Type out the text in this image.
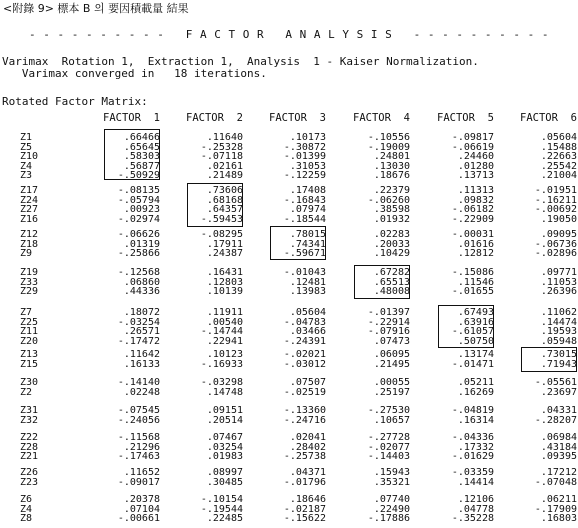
<附錄 9> 標本 B 의 要因積載量 結果
- - - - - - - - - -   F A C T O R   A N A L Y S I S   - - - - - - - - - -
Varimax  Rotation 1,  Extraction 1,  Analysis  1 - Kaiser Normalization.
Varimax converged in   18 iterations.
Rotated Factor Matrix:
FACTOR  1 FACTOR  2 FACTOR  3	FACTOR  4	FACTOR  5 FACTOR  6
Z1	.66466	.11640	.10173	-.10556	-.09817	.05604
Z5	.65645	-.25328	-.30872	-.19009	-.06619	.15488
Z10	.58303	-.07118	-.01399	.24801	.24460	.22663
Z4	.56877	.02161	.31053	.13030	.01280	.25542
Z3	-.50929	.21489	-.12259	.18676	.13713	.21004
Z17	-.08135	.73606	.17408	.22379	.11313	-.01951
Z24	-.05794	.68168	-.16843	-.06260	.09832	-.16211
Z27	.00923	.64357	.07974	.38598	-.06182	-.00692
Z16	-.02974	-.59453	-.18544	.01932	-.22909	.19050
Z12	-.06626	-.08295	.78015	.02283	-.00031	.09095
Z18	.01319	.17911	.74341	.20033	.01616	-.06736
Z9	-.25866	.24387	-.59671	.10429	.12812	-.02896
Z19	-.12568	.16431	-.01043	.67282	-.15086	.09771
Z33	.06860	.12803	.12481	.65513	.11546	.11053
Z29	.44336	.10139	.13983	.48008	-.01655	.26396
Z7	.18072	.11911	.05604	-.01397	.67493	.11062
Z25	-.03254	.00540	-.04783	-.22914	.63916	.14474
Z11	.26571	-.14744	.03466	-.07916	-.61057	.19593
Z20	-.17472	.22941	-.24391	.07473	.50750	.05948
Z13	.11642	.10123	-.02021	.06095	.13174	.73015
Z15	.16133	-.16933	-.03012	.21495	-.01471	.71943
Z30	-.14140	-.03298	.07507	.00055	.05211	-.05561
Z2	.02248	.14748	-.02519	.25197	.16269	.23697
Z31	-.07545	.09151	-.13360	-.27530	-.04819	.04331
Z32	-.24056	.20514	-.24716	.10657	.16314	-.28207
Z22	-.11568	.07467	.02041	-.27728	-.04336	.06984
Z28	.21296	.03254	.28402	-.02077	.17332	.43184
Z21	-.17463	.01983	-.25738	-.14403	-.01629	.09395
Z26	.11652	.08997	.04371	.15943	-.03359	.17212
Z23	-.09017	.30485	-.01796	.35321	.14414	-.07048
Z6	.20378	-.10154	.18646	.07740	.12106	.06211
Z4	.07104	-.19544	-.02187	.22490	.04778	-.17909
Z8	-.00661	.22485	-.15622	-.17886	-.35228	.16803
